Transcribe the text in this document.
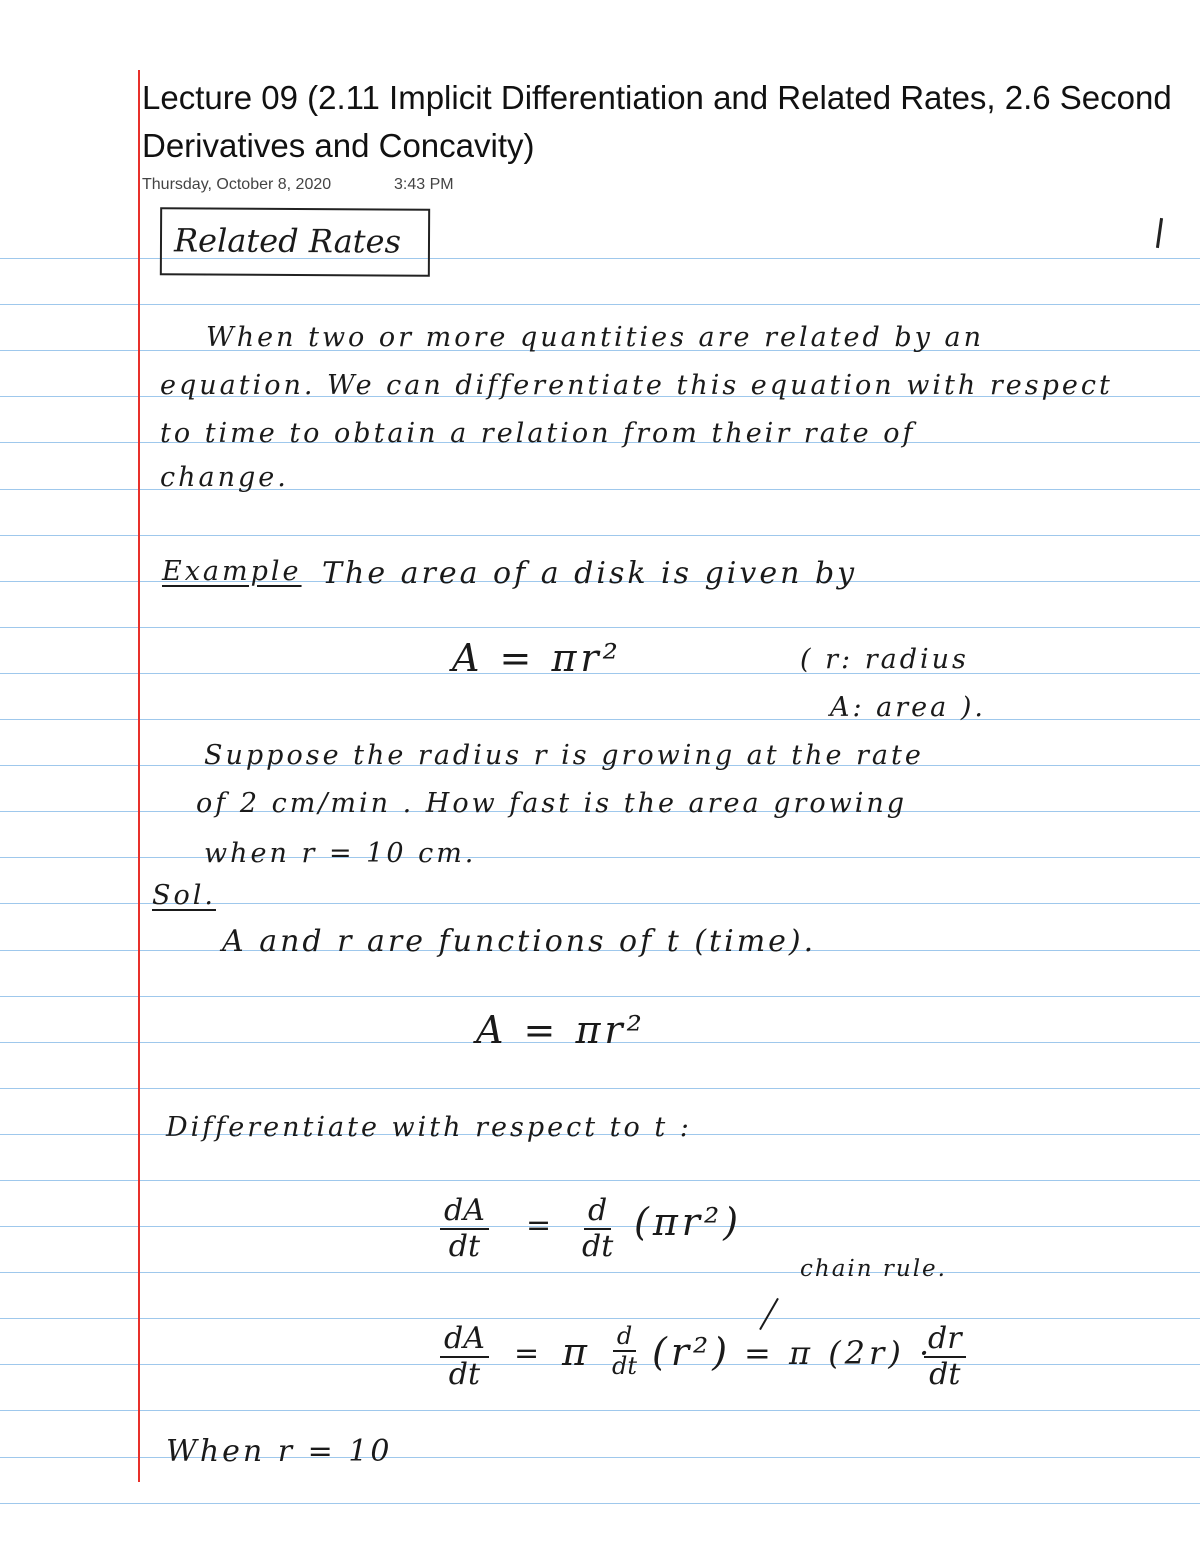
Lecture 09 (2.11 Implicit Differentiation and Related Rates, 2.6 Second Derivatives and Concavity)
Thursday, October 8, 2020	3:43 PM
Related Rates
When two or more quantities are related by an
equation. We can differentiate this equation with respect
to time to obtain a relation from their rate of
change.
Example The area of a disk is given by
A = πr²	( r: radius
A: area ).
Suppose the radius r is growing at the rate
of 2 cm/min . How fast is the area growing
when r = 10 cm.
Sol.
A and r are functions of t (time).
A = πr²
Differentiate with respect to t :
$\frac{dA}{dt} = \frac{d}{dt} (\pi r^2)$
chain rule.
$\frac{dA}{dt} = \pi \frac{d}{dt} (r^2) = \pi$ (2r) ·
$\frac{dr}{dt}$
When r = 10
